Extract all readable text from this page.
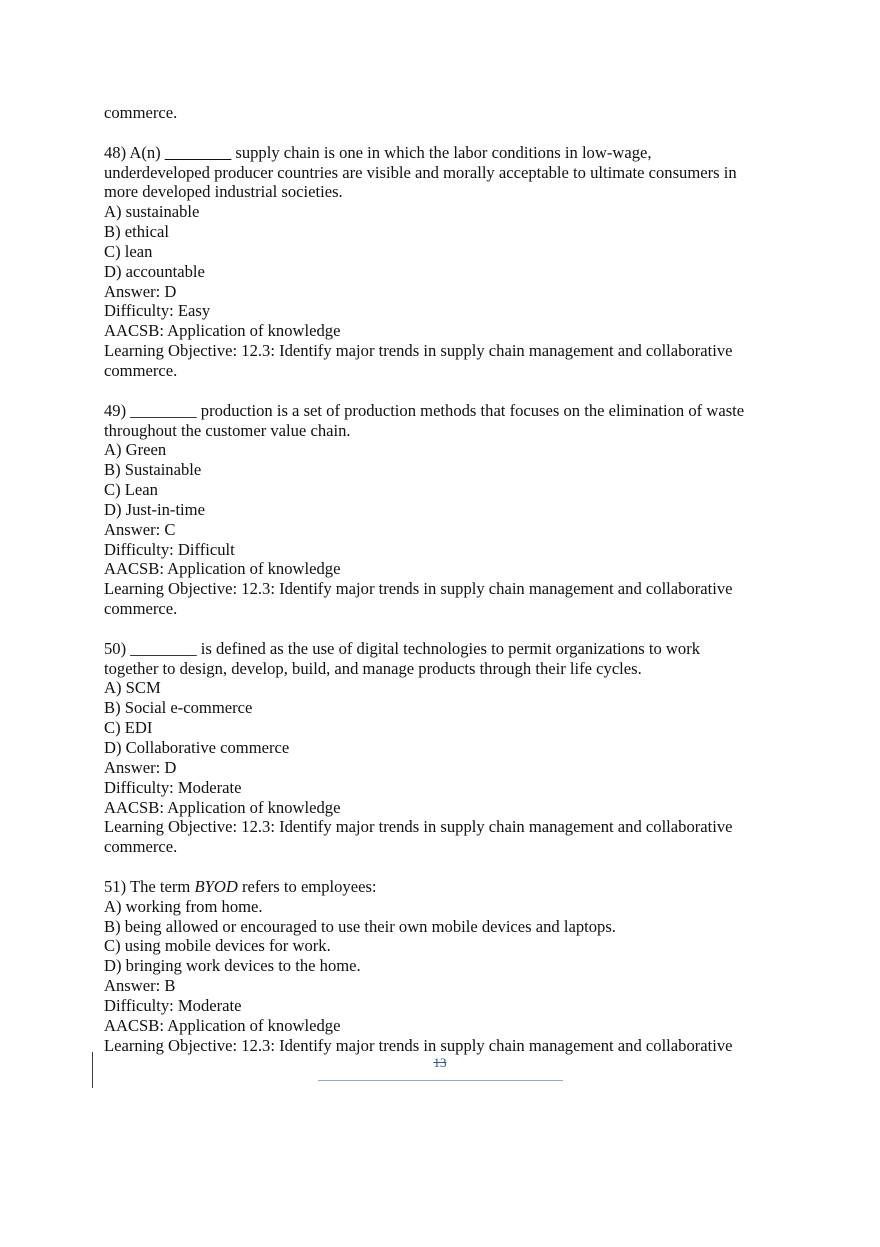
commerce.
48) A(n) ________ supply chain is one in which the labor conditions in low-wage,
underdeveloped producer countries are visible and morally acceptable to ultimate consumers in
more developed industrial societies.
A) sustainable
B) ethical
C) lean
D) accountable
Answer: D
Difficulty: Easy
AACSB: Application of knowledge
Learning Objective: 12.3: Identify major trends in supply chain management and collaborative
commerce.
49) ________ production is a set of production methods that focuses on the elimination of waste
throughout the customer value chain.
A) Green
B) Sustainable
C) Lean
D) Just-in-time
Answer: C
Difficulty: Difficult
AACSB: Application of knowledge
Learning Objective: 12.3: Identify major trends in supply chain management and collaborative
commerce.
50) ________ is defined as the use of digital technologies to permit organizations to work
together to design, develop, build, and manage products through their life cycles.
A) SCM
B) Social e-commerce
C) EDI
D) Collaborative commerce
Answer: D
Difficulty: Moderate
AACSB: Application of knowledge
Learning Objective: 12.3: Identify major trends in supply chain management and collaborative
commerce.
51) The term BYOD refers to employees:
A) working from home.
B) being allowed or encouraged to use their own mobile devices and laptops.
C) using mobile devices for work.
D) bringing work devices to the home.
Answer: B
Difficulty: Moderate
AACSB: Application of knowledge
Learning Objective: 12.3: Identify major trends in supply chain management and collaborative
13
